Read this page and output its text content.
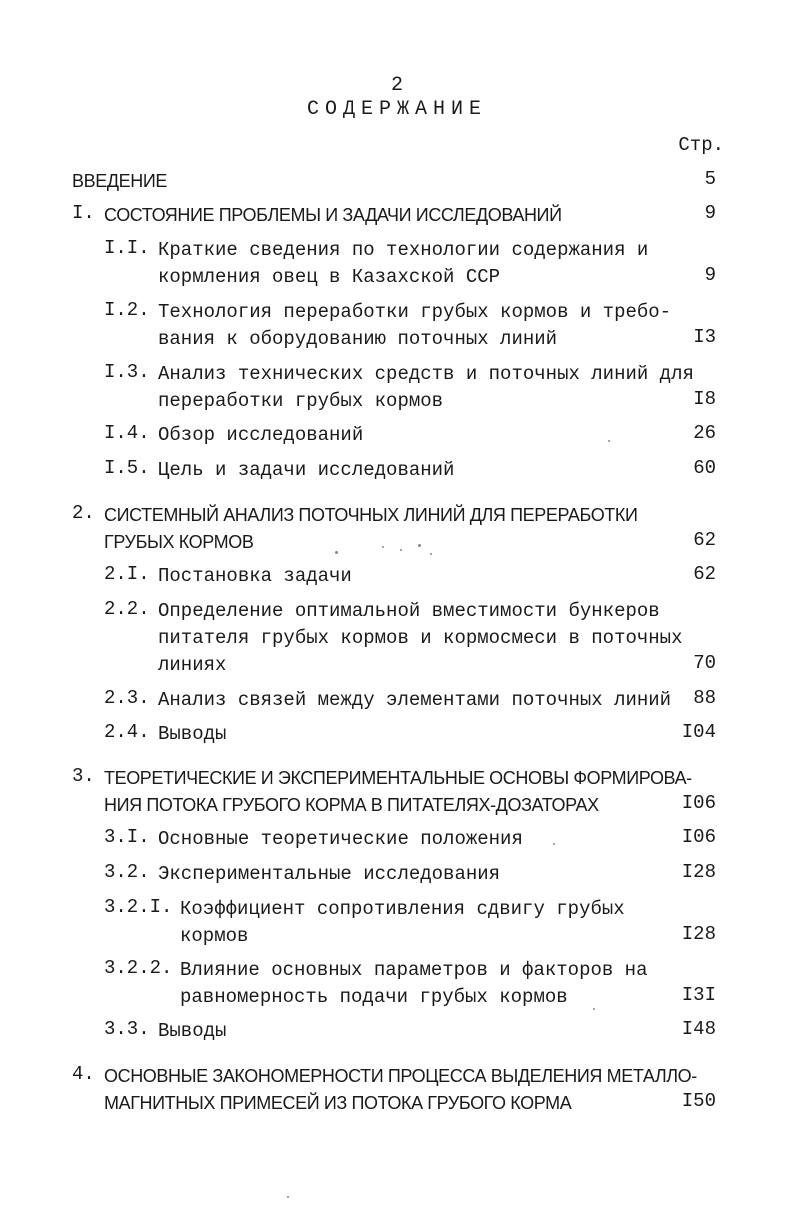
2
СОДЕРЖАНИЕ
Стр.
ВВЕДЕНИЕ	5
I. СОСТОЯНИЕ ПРОБЛЕМЫ И ЗАДАЧИ ИССЛЕДОВАНИЙ	9
I.I. Краткие сведения по технологии содержания и
кормления овец в Казахской ССР	9
I.2. Технология переработки грубых кормов и требо-
вания к оборудованию поточных линий	I3
I.3. Анализ технических средств и поточных линий для
переработки грубых кормов	I8
I.4. Обзор исследований	26
I.5. Цель и задачи исследований	60
2. СИСТЕМНЫЙ АНАЛИЗ ПОТОЧНЫХ ЛИНИЙ ДЛЯ ПЕРЕРАБОТКИ
ГРУБЫХ КОРМОВ	62
2.I. Постановка задачи	62
2.2. Определение оптимальной вместимости бункеров
питателя грубых кормов и кормосмеси в поточных
линиях	70
2.3. Анализ связей между элементами поточных линий 88
2.4. Выводы	I04
3. ТЕОРЕТИЧЕСКИЕ И ЭКСПЕРИМЕНТАЛЬНЫЕ ОСНОВЫ ФОРМИРОВА-
НИЯ ПОТОКА ГРУБОГО КОРМА В ПИТАТЕЛЯХ-ДОЗАТОРАХ	I06
3.I. Основные теоретические положения	I06
3.2. Экспериментальные исследования	I28
3.2.I. Коэффициент сопротивления сдвигу грубых
кормов	I28
3.2.2. Влияние основных параметров и факторов на
равномерность подачи грубых кормов	I3I
3.3. Выводы	I48
4. ОСНОВНЫЕ ЗАКОНОМЕРНОСТИ ПРОЦЕССА ВЫДЕЛЕНИЯ МЕТАЛЛО-
МАГНИТНЫХ ПРИМЕСЕЙ ИЗ ПОТОКА ГРУБОГО КОРМА	I50
